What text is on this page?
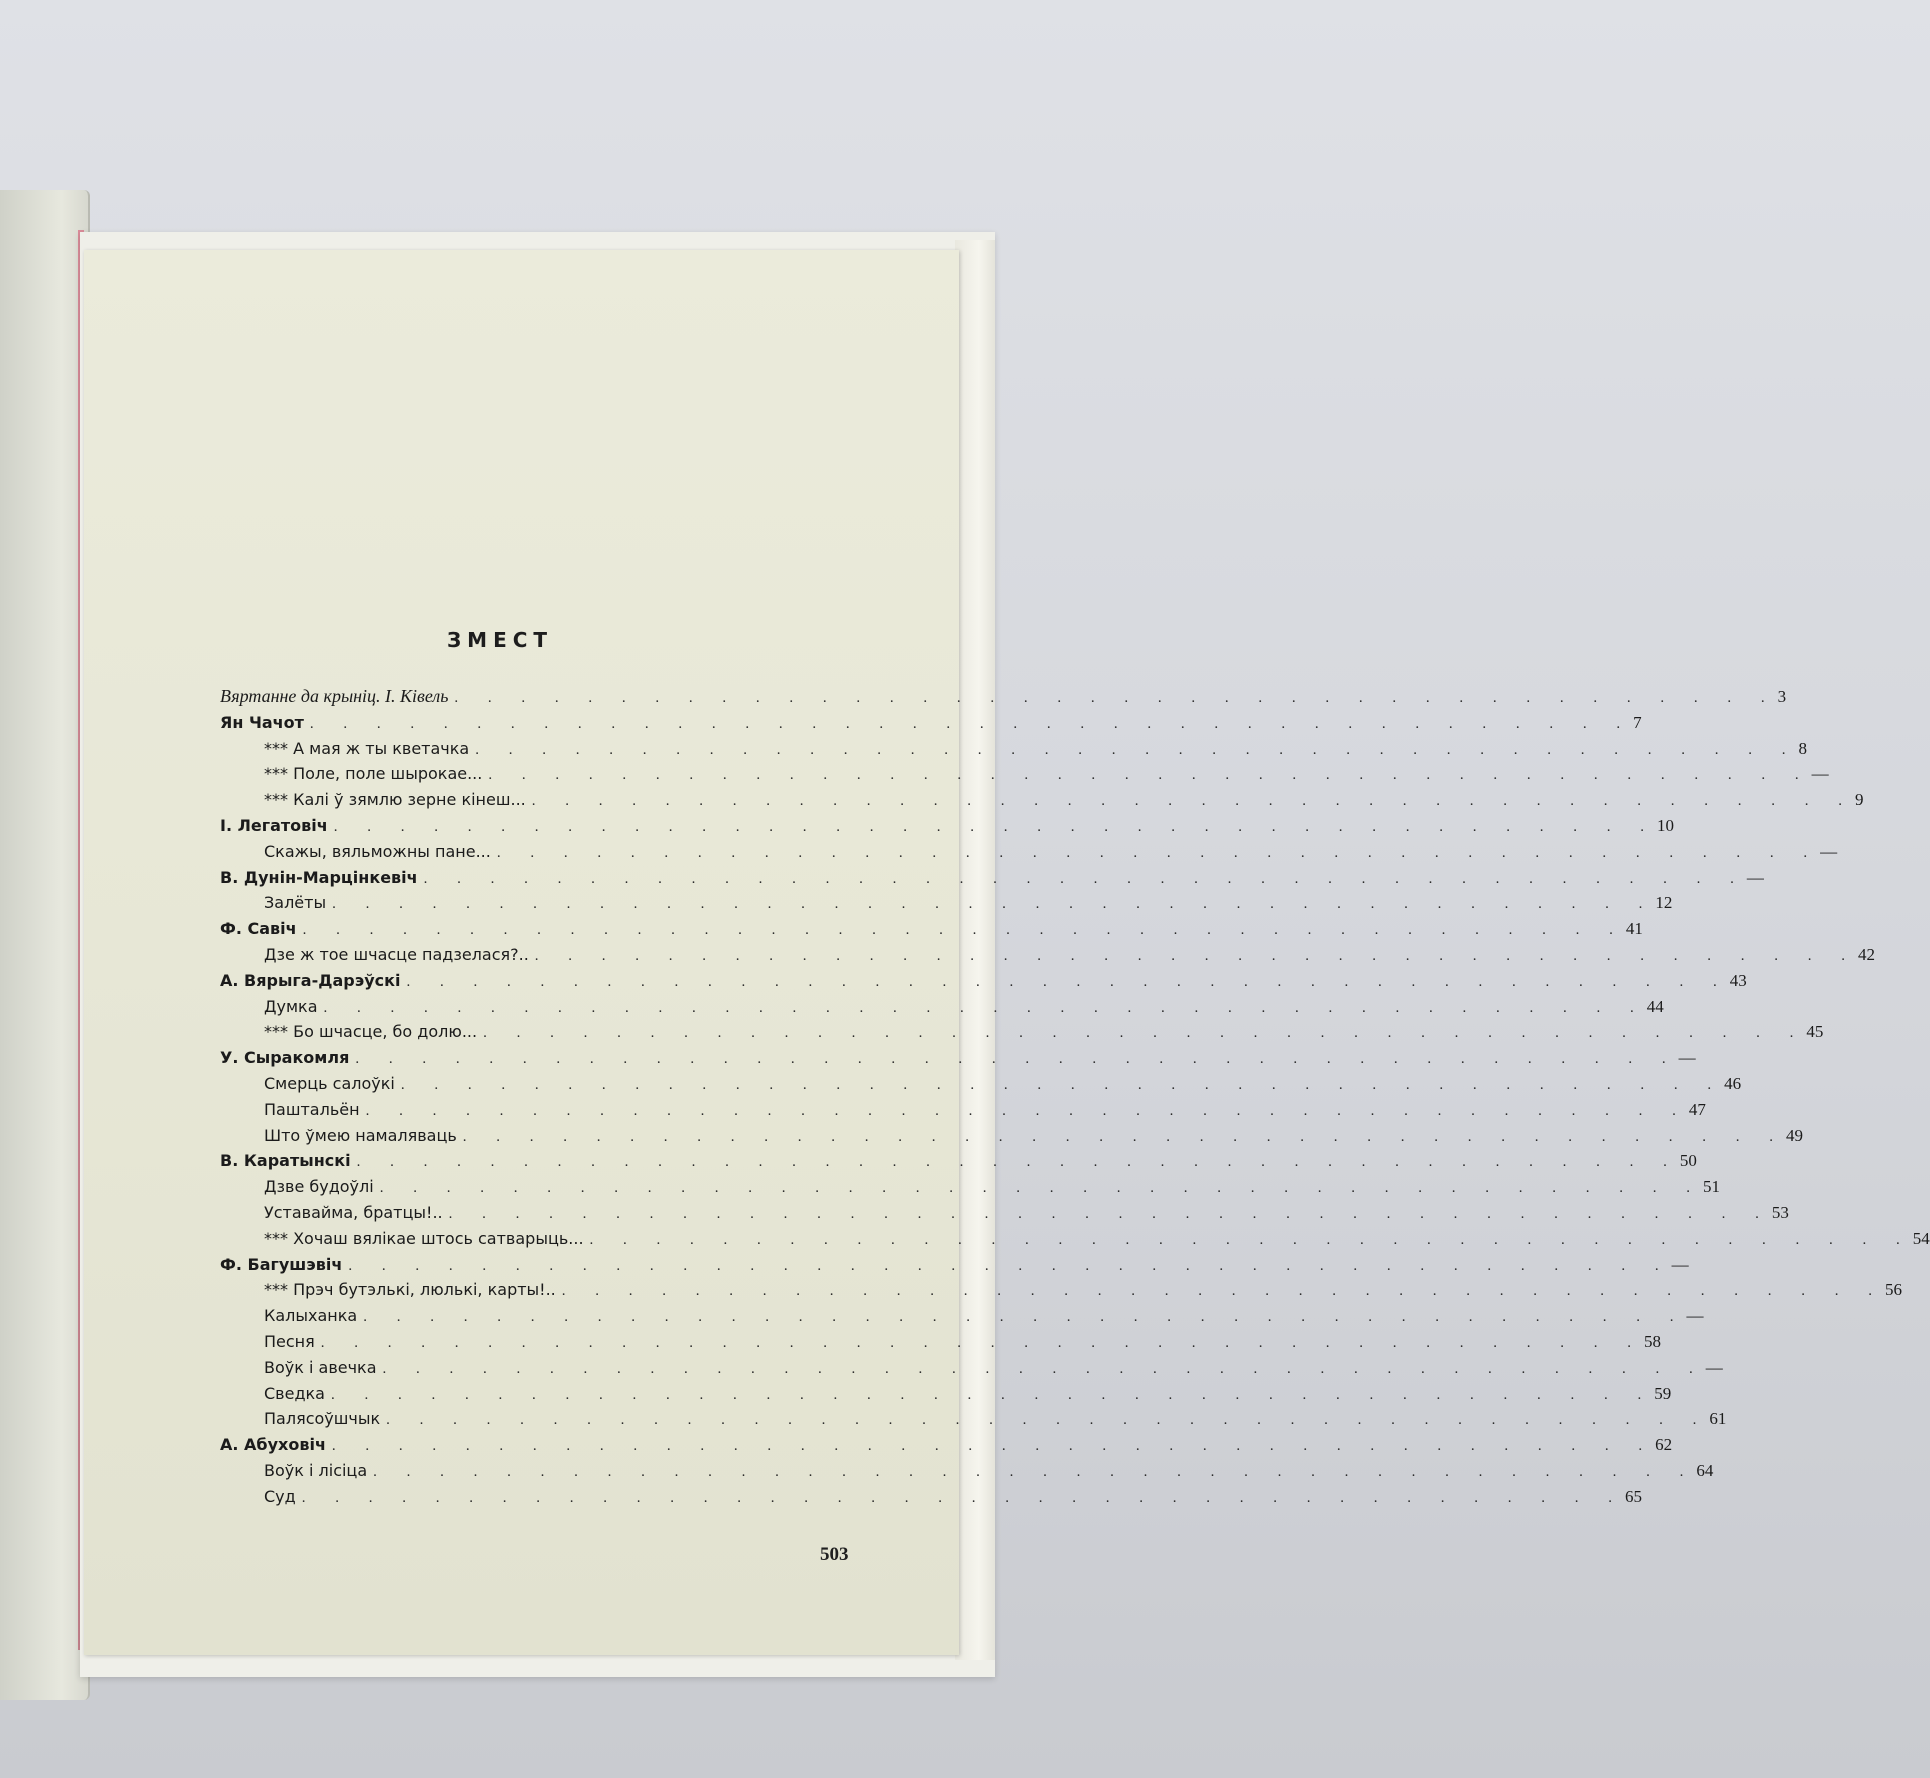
ЗМЕСТ
Вяртанне да крыніц. І. Ківель . . . . . . . . . . . . . . . . . . . . . . . . . . . . . . . . . . . . . . . . 3
Ян Чачот . . . . . . . . . . . . . . . . . . . . . . . . . . . . . . . . . . . . . . . . 7
*** А мая ж ты кветачка . . . . . . . . . . . . . . . . . . . . . . . . . . . . . . . . . . . . . . . . 8
*** Поле, поле шырокае... . . . . . . . . . . . . . . . . . . . . . . . . . . . . . . . . . . . . . . . . —
*** Калі ў зямлю зерне кінеш... . . . . . . . . . . . . . . . . . . . . . . . . . . . . . . . . . . . . . . . . 9
І. Легатовіч . . . . . . . . . . . . . . . . . . . . . . . . . . . . . . . . . . . . . . . . 10
Скажы, вяльможны пане... . . . . . . . . . . . . . . . . . . . . . . . . . . . . . . . . . . . . . . . . —
В. Дунін-Марцінкевіч . . . . . . . . . . . . . . . . . . . . . . . . . . . . . . . . . . . . . . . . —
Залёты . . . . . . . . . . . . . . . . . . . . . . . . . . . . . . . . . . . . . . . . 12
Ф. Савіч . . . . . . . . . . . . . . . . . . . . . . . . . . . . . . . . . . . . . . . . 41
Дзе ж тое шчасце падзелася?.. . . . . . . . . . . . . . . . . . . . . . . . . . . . . . . . . . . . . . . . . 42
А. Вярыга-Дарэўскі . . . . . . . . . . . . . . . . . . . . . . . . . . . . . . . . . . . . . . . . 43
Думка . . . . . . . . . . . . . . . . . . . . . . . . . . . . . . . . . . . . . . . . 44
*** Бо шчасце, бо долю... . . . . . . . . . . . . . . . . . . . . . . . . . . . . . . . . . . . . . . . . 45
У. Сыракомля . . . . . . . . . . . . . . . . . . . . . . . . . . . . . . . . . . . . . . . . —
Смерць салоўкі . . . . . . . . . . . . . . . . . . . . . . . . . . . . . . . . . . . . . . . . 46
Паштальён . . . . . . . . . . . . . . . . . . . . . . . . . . . . . . . . . . . . . . . . 47
Што ўмею намаляваць . . . . . . . . . . . . . . . . . . . . . . . . . . . . . . . . . . . . . . . . 49
В. Каратынскі . . . . . . . . . . . . . . . . . . . . . . . . . . . . . . . . . . . . . . . . 50
Дзве будоўлі . . . . . . . . . . . . . . . . . . . . . . . . . . . . . . . . . . . . . . . . 51
Уставайма, братцы!.. . . . . . . . . . . . . . . . . . . . . . . . . . . . . . . . . . . . . . . . . 53
*** Хочаш вялікае штось сатварыць... . . . . . . . . . . . . . . . . . . . . . . . . . . . . . . . . . . . . . . . . 54
Ф. Багушэвіч . . . . . . . . . . . . . . . . . . . . . . . . . . . . . . . . . . . . . . . . —
*** Прэч бутэлькі, люлькі, карты!.. . . . . . . . . . . . . . . . . . . . . . . . . . . . . . . . . . . . . . . . . 56
Калыханка . . . . . . . . . . . . . . . . . . . . . . . . . . . . . . . . . . . . . . . . —
Песня . . . . . . . . . . . . . . . . . . . . . . . . . . . . . . . . . . . . . . . . 58
Воўк і авечка . . . . . . . . . . . . . . . . . . . . . . . . . . . . . . . . . . . . . . . . —
Сведка . . . . . . . . . . . . . . . . . . . . . . . . . . . . . . . . . . . . . . . . 59
Палясоўшчык . . . . . . . . . . . . . . . . . . . . . . . . . . . . . . . . . . . . . . . . 61
А. Абуховіч . . . . . . . . . . . . . . . . . . . . . . . . . . . . . . . . . . . . . . . . 62
Воўк і лісіца . . . . . . . . . . . . . . . . . . . . . . . . . . . . . . . . . . . . . . . . 64
Суд . . . . . . . . . . . . . . . . . . . . . . . . . . . . . . . . . . . . . . . . 65
503
